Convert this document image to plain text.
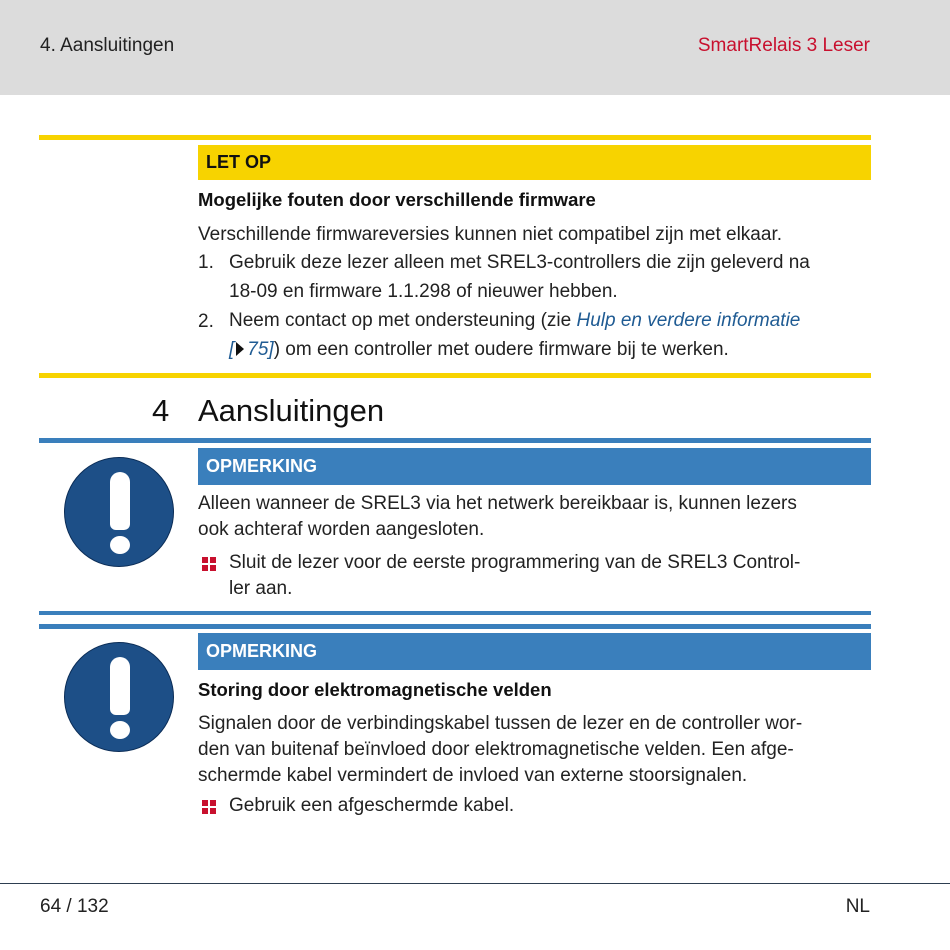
4. Aansluitingen	SmartRelais 3 Leser
LET OP
Mogelijke fouten door verschillende firmware
Verschillende firmwareversies kunnen niet compatibel zijn met elkaar.
1. Gebruik deze lezer alleen met SREL3-controllers die zijn geleverd na
18-09 en firmware 1.1.298 of nieuwer hebben.
2. Neem contact op met ondersteuning (zie Hulp en verdere informatie
[ 75]) om een controller met oudere firmware bij te werken.
4 Aansluitingen
OPMERKING
Alleen wanneer de SREL3 via het netwerk bereikbaar is, kunnen lezers
ook achteraf worden aangesloten.
Sluit de lezer voor de eerste programmering van de SREL3 Control-
ler aan.
OPMERKING
Storing door elektromagnetische velden
Signalen door de verbindingskabel tussen de lezer en de controller wor-
den van buitenaf beïnvloed door elektromagnetische velden. Een afge-
schermde kabel vermindert de invloed van externe stoorsignalen.
Gebruik een afgeschermde kabel.
64 / 132	NL
